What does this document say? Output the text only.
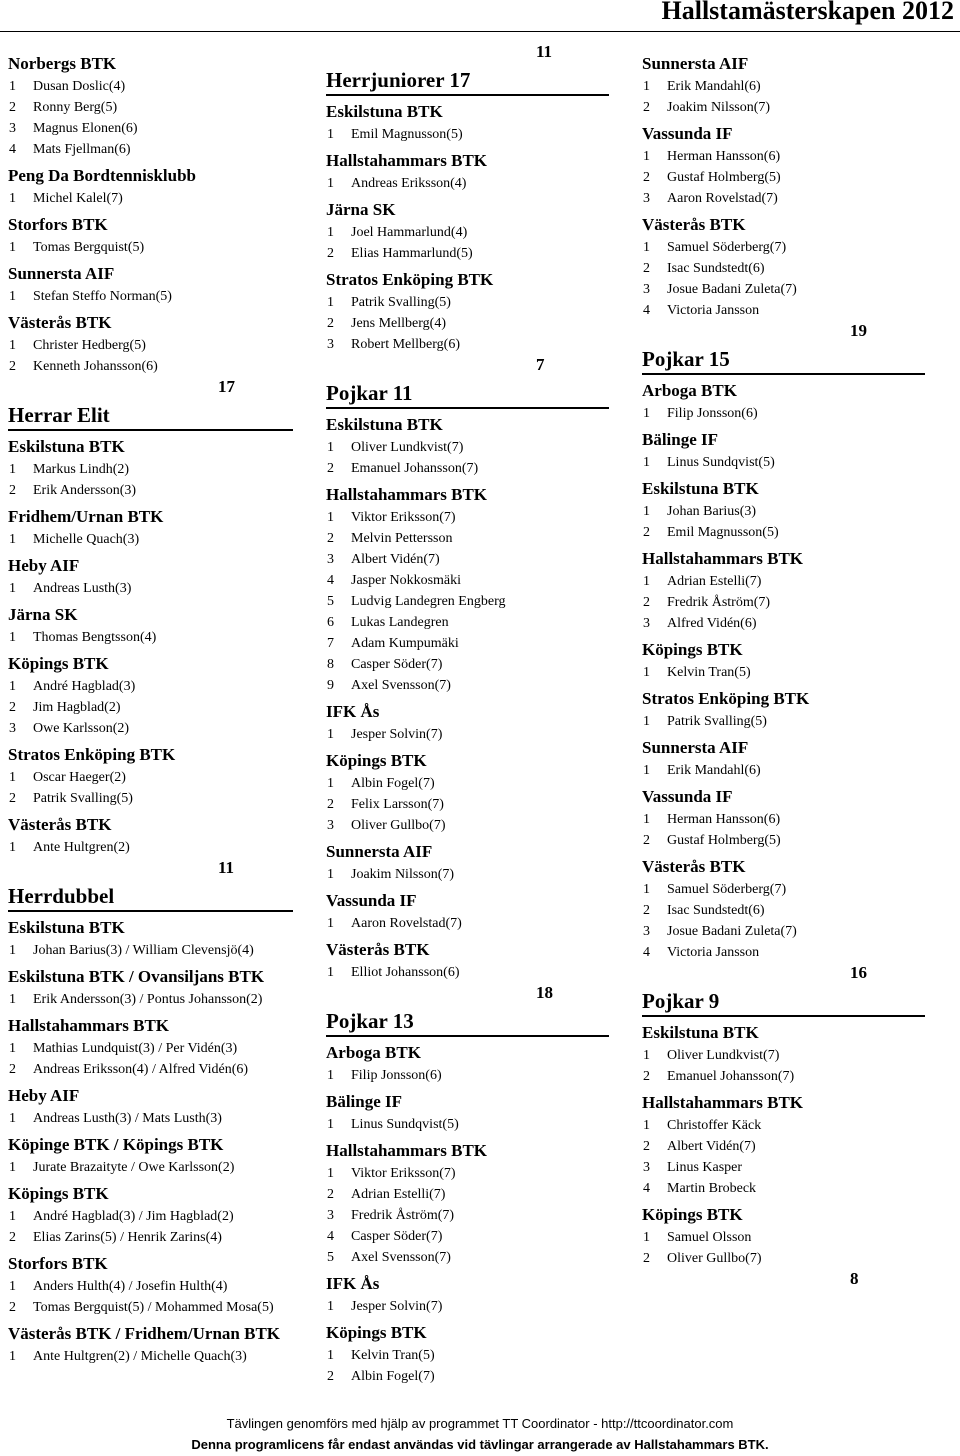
Hallstamästerskapen 2012
Norbergs BTK
1 Dusan Doslic(4)
2 Ronny Berg(5)
3 Magnus Elonen(6)
4 Mats Fjellman(6)
Peng Da Bordtennisklubb
1 Michel Kalel(7)
Storfors BTK
1 Tomas Bergquist(5)
Sunnersta AIF
1 Stefan Steffo Norman(5)
Västerås BTK
1 Christer Hedberg(5)
2 Kenneth Johansson(6)
17
Herrar Elit
Eskilstuna BTK
1 Markus Lindh(2)
2 Erik Andersson(3)
Fridhem/Urnan BTK
1 Michelle Quach(3)
Heby AIF
1 Andreas Lusth(3)
Järna SK
1 Thomas Bengtsson(4)
Köpings BTK
1 André Hagblad(3)
2 Jim Hagblad(2)
3 Owe Karlsson(2)
Stratos Enköping BTK
1 Oscar Haeger(2)
2 Patrik Svalling(5)
Västerås BTK
1 Ante Hultgren(2)
11
Herrdubbel
Eskilstuna BTK
1 Johan Barius(3) / William Clevensjö(4)
Eskilstuna BTK / Ovansiljans BTK
1 Erik Andersson(3) / Pontus Johansson(2)
Hallstahammars BTK
1 Mathias Lundquist(3) / Per Vidén(3)
2 Andreas Eriksson(4) / Alfred Vidén(6)
Heby AIF
1 Andreas Lusth(3) / Mats Lusth(3)
Köpinge BTK / Köpings BTK
1 Jurate Brazaityte / Owe Karlsson(2)
Köpings BTK
1 André Hagblad(3) / Jim Hagblad(2)
2 Elias Zarins(5) / Henrik Zarins(4)
Storfors BTK
1 Anders Hulth(4) / Josefin Hulth(4)
2 Tomas Bergquist(5) / Mohammed Mosa(5)
Västerås BTK / Fridhem/Urnan BTK
1 Ante Hultgren(2) / Michelle Quach(3)
11
Herrjuniorer 17
Eskilstuna BTK
1 Emil Magnusson(5)
Hallstahammars BTK
1 Andreas Eriksson(4)
Järna SK
1 Joel Hammarlund(4)
2 Elias Hammarlund(5)
Stratos Enköping BTK
1 Patrik Svalling(5)
2 Jens Mellberg(4)
3 Robert Mellberg(6)
7
Pojkar 11
Eskilstuna BTK
1 Oliver Lundkvist(7)
2 Emanuel Johansson(7)
Hallstahammars BTK
1 Viktor Eriksson(7)
2 Melvin Pettersson
3 Albert Vidén(7)
4 Jasper Nokkosmäki
5 Ludvig Landegren Engberg
6 Lukas Landegren
7 Adam Kumpumäki
8 Casper Söder(7)
9 Axel Svensson(7)
IFK Ås
1 Jesper Solvin(7)
Köpings BTK
1 Albin Fogel(7)
2 Felix Larsson(7)
3 Oliver Gullbo(7)
Sunnersta AIF
1 Joakim Nilsson(7)
Vassunda IF
1 Aaron Rovelstad(7)
Västerås BTK
1 Elliot Johansson(6)
18
Pojkar 13
Arboga BTK
1 Filip Jonsson(6)
Bälinge IF
1 Linus Sundqvist(5)
Hallstahammars BTK
1 Viktor Eriksson(7)
2 Adrian Estelli(7)
3 Fredrik Åström(7)
4 Casper Söder(7)
5 Axel Svensson(7)
IFK Ås
1 Jesper Solvin(7)
Köpings BTK
1 Kelvin Tran(5)
2 Albin Fogel(7)
Sunnersta AIF
1 Erik Mandahl(6)
2 Joakim Nilsson(7)
Vassunda IF
1 Herman Hansson(6)
2 Gustaf Holmberg(5)
3 Aaron Rovelstad(7)
Västerås BTK
1 Samuel Söderberg(7)
2 Isac Sundstedt(6)
3 Josue Badani Zuleta(7)
4 Victoria Jansson
19
Pojkar 15
Arboga BTK
1 Filip Jonsson(6)
Bälinge IF
1 Linus Sundqvist(5)
Eskilstuna BTK
1 Johan Barius(3)
2 Emil Magnusson(5)
Hallstahammars BTK
1 Adrian Estelli(7)
2 Fredrik Åström(7)
3 Alfred Vidén(6)
Köpings BTK
1 Kelvin Tran(5)
Stratos Enköping BTK
1 Patrik Svalling(5)
Sunnersta AIF
1 Erik Mandahl(6)
Vassunda IF
1 Herman Hansson(6)
2 Gustaf Holmberg(5)
Västerås BTK
1 Samuel Söderberg(7)
2 Isac Sundstedt(6)
3 Josue Badani Zuleta(7)
4 Victoria Jansson
16
Pojkar 9
Eskilstuna BTK
1 Oliver Lundkvist(7)
2 Emanuel Johansson(7)
Hallstahammars BTK
1 Christoffer Käck
2 Albert Vidén(7)
3 Linus Kasper
4 Martin Brobeck
Köpings BTK
1 Samuel Olsson
2 Oliver Gullbo(7)
8
Tävlingen genomförs med hjälp av programmet TT Coordinator - http://ttcoordinator.com
Denna programlicens får endast användas vid tävlingar arrangerade av Hallstahammars BTK.
